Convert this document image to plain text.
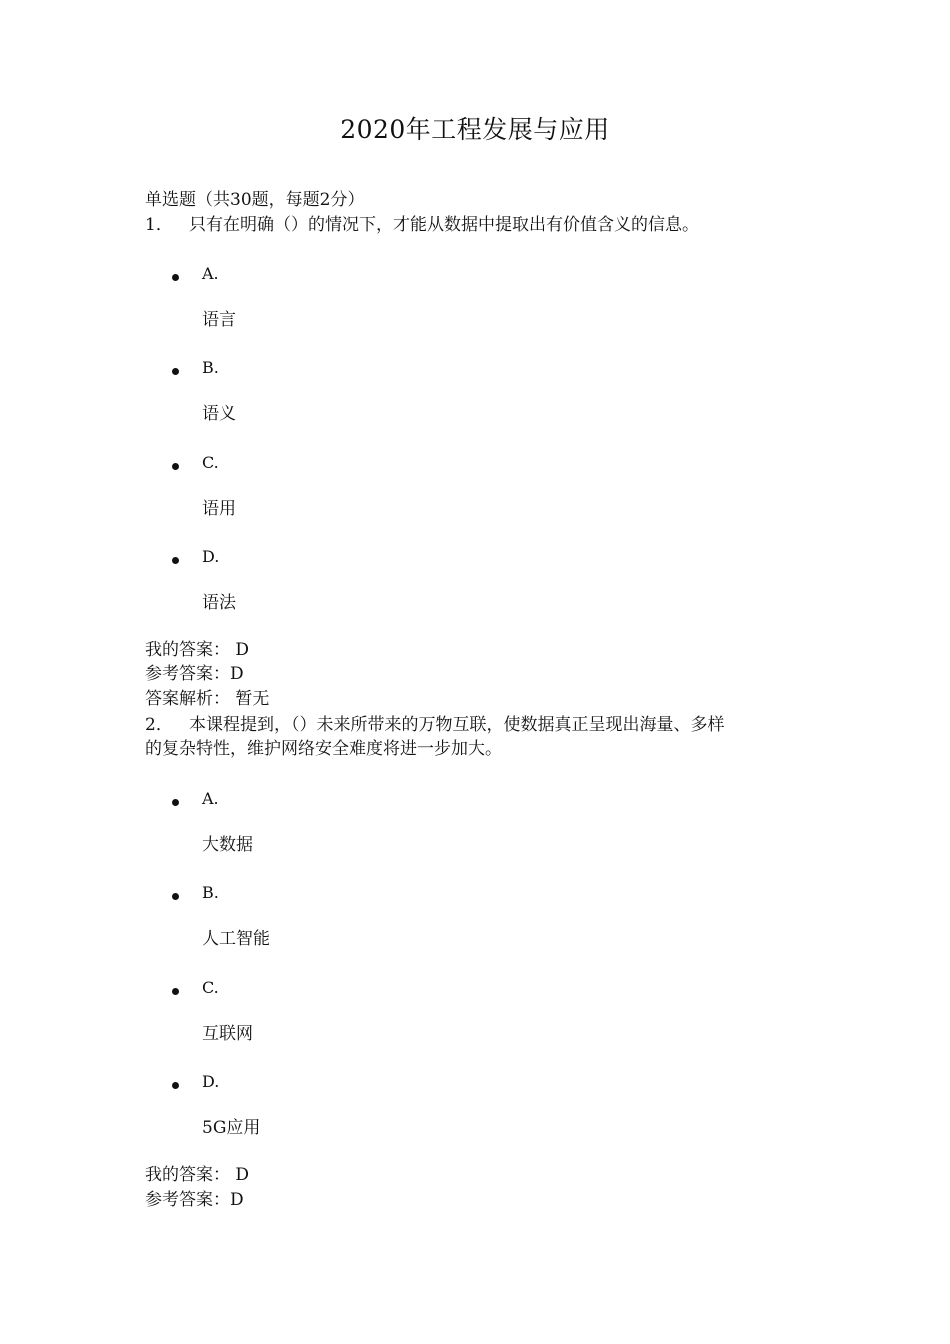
2020年工程发展与应用
单选题（共30题，每题2分）
1． 只有在明确（）的情况下，才能从数据中提取出有价值含义的信息。
A.
语言
B.
语义
C.
语用
D.
语法
我的答案： D
参考答案：D
答案解析： 暂无
2． 本课程提到，（）未来所带来的万物互联，使数据真正呈现出海量、多样
的复杂特性，维护网络安全难度将进一步加大。
A.
大数据
B.
人工智能
C.
互联网
D.
5G应用
我的答案： D
参考答案：D
